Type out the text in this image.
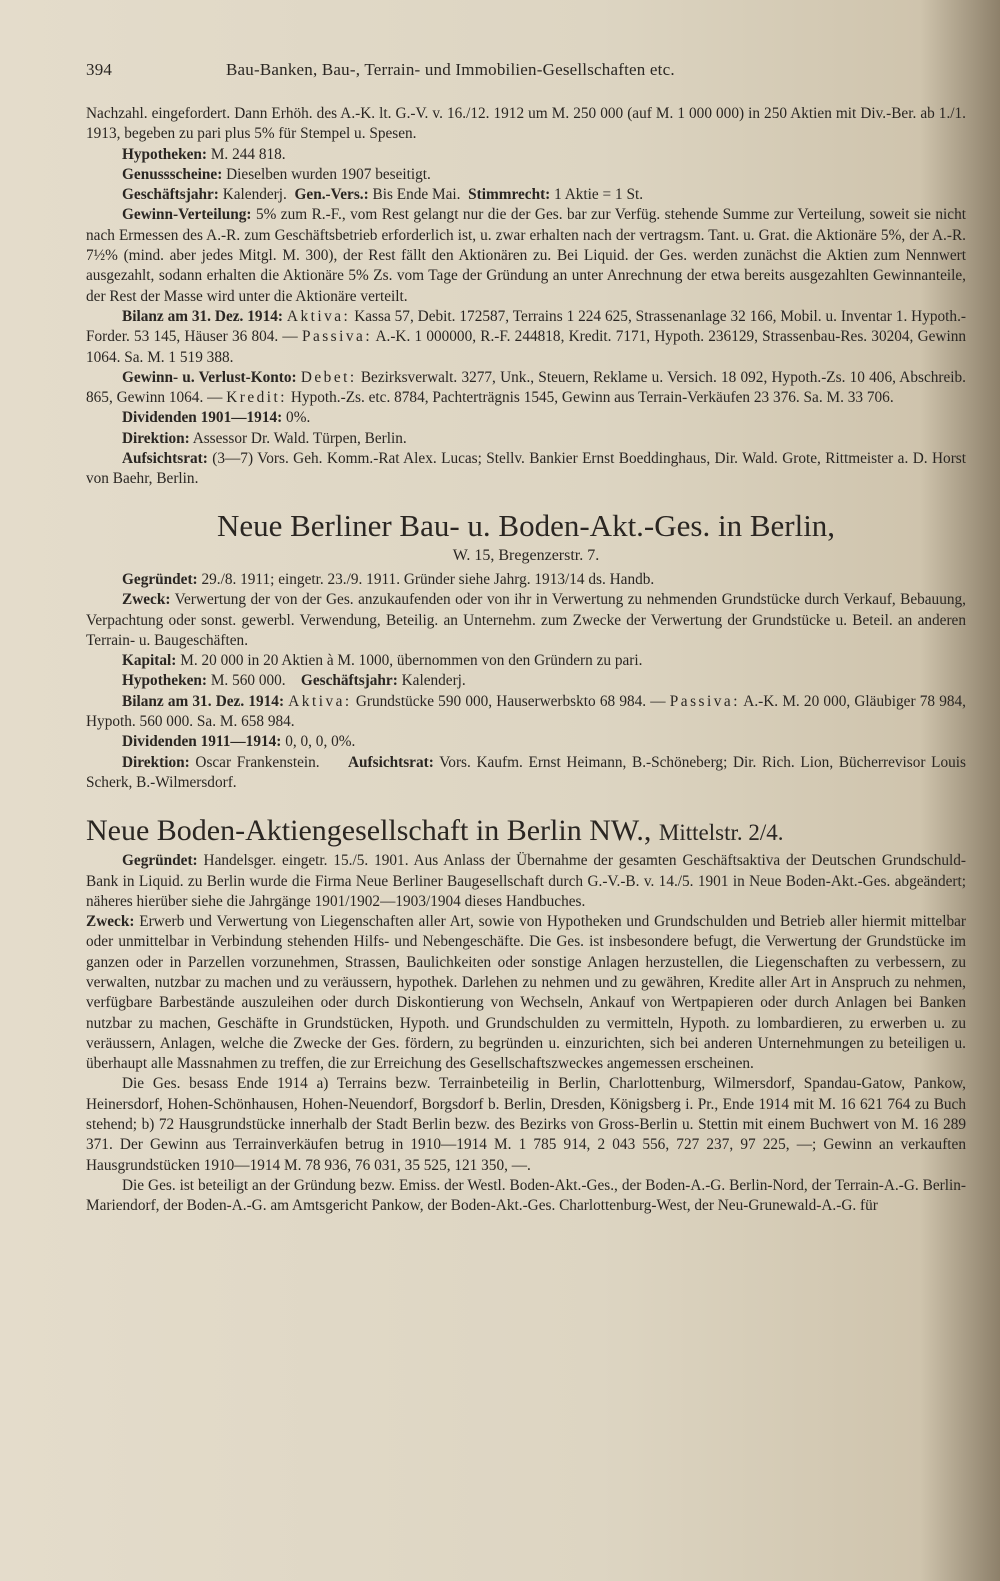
394	Bau-Banken, Bau-, Terrain- und Immobilien-Gesellschaften etc.

Nachzahl. eingefordert. Dann Erhöh. des A.-K. lt. G.-V. v. 16./12. 1912 um M. 250 000 (auf M. 1 000 000) in 250 Aktien mit Div.-Ber. ab 1./1. 1913, begeben zu pari plus 5% für Stempel u. Spesen.

Hypotheken: M. 244 818.

Genussscheine: Dieselben wurden 1907 beseitigt.

Geschäftsjahr: Kalenderj. Gen.-Vers.: Bis Ende Mai. Stimmrecht: 1 Aktie = 1 St.

Gewinn-Verteilung: 5% zum R.-F., vom Rest gelangt nur die der Ges. bar zur Verfüg. stehende Summe zur Verteilung, soweit sie nicht nach Ermessen des A.-R. zum Geschäftsbetrieb erforderlich ist, u. zwar erhalten nach der vertragsm. Tant. u. Grat. die Aktionäre 5%, der A.-R. 7½% (mind. aber jedes Mitgl. M. 300), der Rest fällt den Aktionären zu. Bei Liquid. der Ges. werden zunächst die Aktien zum Nennwert ausgezahlt, sodann erhalten die Aktionäre 5% Zs. vom Tage der Gründung an unter Anrechnung der etwa bereits ausgezahlten Gewinnanteile, der Rest der Masse wird unter die Aktionäre verteilt.

Bilanz am 31. Dez. 1914: Aktiva: Kassa 57, Debit. 172587, Terrains 1 224 625, Strassenanlage 32 166, Mobil. u. Inventar 1. Hypoth.-Forder. 53 145, Häuser 36 804. — Passiva: A.-K. 1 000000, R.-F. 244818, Kredit. 7171, Hypoth. 236129, Strassenbau-Res. 30204, Gewinn 1064. Sa. M. 1 519 388.

Gewinn- u. Verlust-Konto: Debet: Bezirksverwalt. 3277, Unk., Steuern, Reklame u. Versich. 18 092, Hypoth.-Zs. 10 406, Abschreib. 865, Gewinn 1064. — Kredit: Hypoth.-Zs. etc. 8784, Pachterträgnis 1545, Gewinn aus Terrain-Verkäufen 23 376. Sa. M. 33 706.

Dividenden 1901—1914: 0%.

Direktion: Assessor Dr. Wald. Türpen, Berlin.

Aufsichtsrat: (3—7) Vors. Geh. Komm.-Rat Alex. Lucas; Stellv. Bankier Ernst Boeddinghaus, Dir. Wald. Grote, Rittmeister a. D. Horst von Baehr, Berlin.

Neue Berliner Bau- u. Boden-Akt.-Ges. in Berlin,
W. 15, Bregenzerstr. 7.

Gegründet: 29./8. 1911; eingetr. 23./9. 1911. Gründer siehe Jahrg. 1913/14 ds. Handb.

Zweck: Verwertung der von der Ges. anzukaufenden oder von ihr in Verwertung zu nehmenden Grundstücke durch Verkauf, Bebauung, Verpachtung oder sonst. gewerbl. Verwendung, Beteilig. an Unternehm. zum Zwecke der Verwertung der Grundstücke u. Beteil. an anderen Terrain- u. Baugeschäften.

Kapital: M. 20 000 in 20 Aktien à M. 1000, übernommen von den Gründern zu pari.

Hypotheken: M. 560 000. Geschäftsjahr: Kalenderj.

Bilanz am 31. Dez. 1914: Aktiva: Grundstücke 590 000, Hauserwerbskto 68 984. — Passiva: A.-K. M. 20 000, Gläubiger 78 984, Hypoth. 560 000. Sa. M. 658 984.

Dividenden 1911—1914: 0, 0, 0, 0%.

Direktion: Oscar Frankenstein. Aufsichtsrat: Vors. Kaufm. Ernst Heimann, B.-Schöneberg; Dir. Rich. Lion, Bücherrevisor Louis Scherk, B.-Wilmersdorf.

Neue Boden-Aktiengesellschaft in Berlin NW., Mittelstr. 2/4.

Gegründet: Handelsger. eingetr. 15./5. 1901. Aus Anlass der Übernahme der gesamten Geschäftsaktiva der Deutschen Grundschuld-Bank in Liquid. zu Berlin wurde die Firma Neue Berliner Baugesellschaft durch G.-V.-B. v. 14./5. 1901 in Neue Boden-Akt.-Ges. abgeändert; näheres hierüber siehe die Jahrgänge 1901/1902—1903/1904 dieses Handbuches.

Zweck: Erwerb und Verwertung von Liegenschaften aller Art, sowie von Hypotheken und Grundschulden und Betrieb aller hiermit mittelbar oder unmittelbar in Verbindung stehenden Hilfs- und Nebengeschäfte. Die Ges. ist insbesondere befugt, die Verwertung der Grundstücke im ganzen oder in Parzellen vorzunehmen, Strassen, Baulichkeiten oder sonstige Anlagen herzustellen, die Liegenschaften zu verbessern, zu verwalten, nutzbar zu machen und zu veräussern, hypothek. Darlehen zu nehmen und zu gewähren, Kredite aller Art in Anspruch zu nehmen, verfügbare Barbestände auszuleihen oder durch Diskontierung von Wechseln, Ankauf von Wertpapieren oder durch Anlagen bei Banken nutzbar zu machen, Geschäfte in Grundstücken, Hypoth. und Grundschulden zu vermitteln, Hypoth. zu lombardieren, zu erwerben u. zu veräussern, Anlagen, welche die Zwecke der Ges. fördern, zu begründen u. einzurichten, sich bei anderen Unternehmungen zu beteiligen u. überhaupt alle Massnahmen zu treffen, die zur Erreichung des Gesellschaftszweckes angemessen erscheinen.

Die Ges. besass Ende 1914 a) Terrains bezw. Terrainbeteilig in Berlin, Charlottenburg, Wilmersdorf, Spandau-Gatow, Pankow, Heinersdorf, Hohen-Schönhausen, Hohen-Neuendorf, Borgsdorf b. Berlin, Dresden, Königsberg i. Pr., Ende 1914 mit M. 16 621 764 zu Buch stehend; b) 72 Hausgrundstücke innerhalb der Stadt Berlin bezw. des Bezirks von Gross-Berlin u. Stettin mit einem Buchwert von M. 16 289 371. Der Gewinn aus Terrainverkäufen betrug in 1910—1914 M. 1 785 914, 2 043 556, 727 237, 97 225, —; Gewinn an verkauften Hausgrundstücken 1910—1914 M. 78 936, 76 031, 35 525, 121 350, —.

Die Ges. ist beteiligt an der Gründung bezw. Emiss. der Westl. Boden-Akt.-Ges., der Boden-A.-G. Berlin-Nord, der Terrain-A.-G. Berlin-Mariendorf, der Boden-A.-G. am Amtsgericht Pankow, der Boden-Akt.-Ges. Charlottenburg-West, der Neu-Grunewald-A.-G. für
